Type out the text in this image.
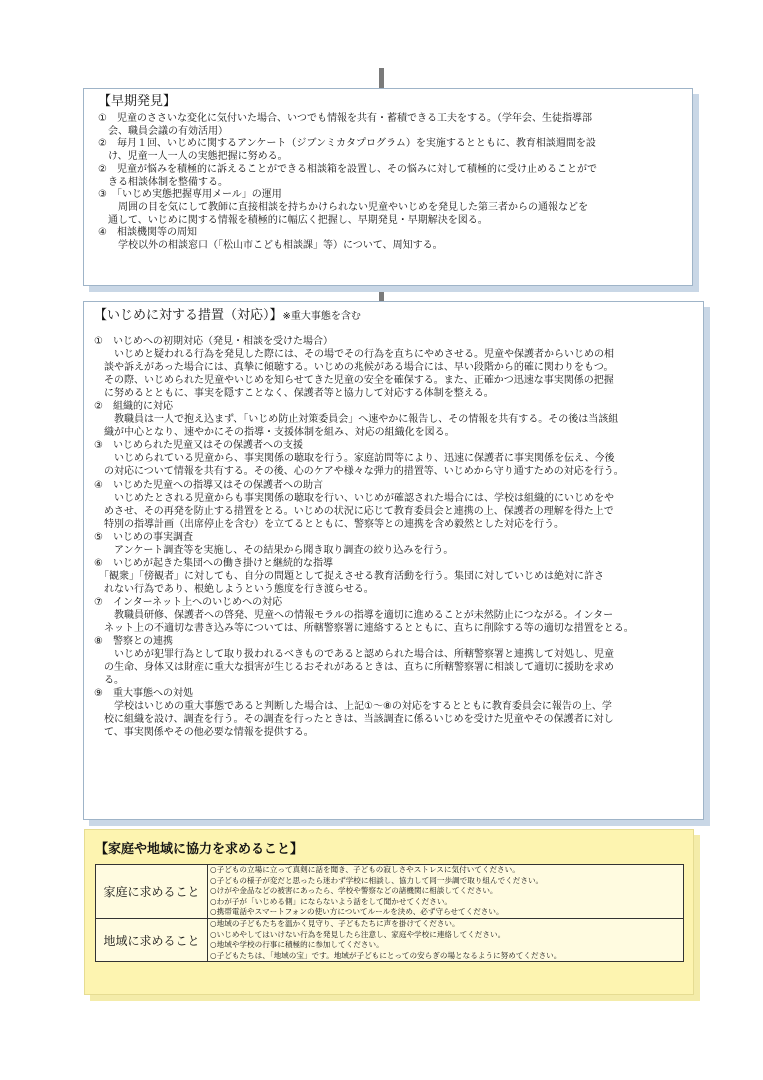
【早期発見】
①　児童のささいな変化に気付いた場合、いつでも情報を共有・蓄積できる工夫をする。（学年会、生徒指導部
　会、職員会議の有効活用）
②　毎月１回、いじめに関するアンケート（ジブンミカタプログラム）を実施するとともに、教育相談週間を設
　け、児童一人一人の実態把握に努める。
②　児童が悩みを積極的に訴えることができる相談箱を設置し、その悩みに対して積極的に受け止めることがで
　きる相談体制を整備する。
③　「いじめ実態把握専用メール」の運用
　　周囲の目を気にして教師に直接相談を持ちかけられない児童やいじめを発見した第三者からの通報などを
　通して、いじめに関する情報を積極的に幅広く把握し、早期発見・早期解決を図る。
④　相談機関等の周知
　　学校以外の相談窓口（「松山市こども相談課」等）について、周知する。
【いじめに対する措置（対応）】※重大事態を含む
①　いじめへの初期対応（発見・相談を受けた場合）
　　いじめと疑われる行為を発見した際には、その場でその行為を直ちにやめさせる。児童や保護者からいじめの相
　談や訴えがあった場合には、真摯に傾聴する。いじめの兆候がある場合には、早い段階から的確に関わりをもつ。
　その際、いじめられた児童やいじめを知らせてきた児童の安全を確保する。また、正確かつ迅速な事実関係の把握
　に努めるとともに、事実を隠すことなく、保護者等と協力して対応する体制を整える。
②　組織的に対応
　　教職員は一人で抱え込まず、「いじめ防止対策委員会」へ速やかに報告し、その情報を共有する。その後は当該組
　織が中心となり、速やかにその指導・支援体制を組み、対応の組織化を図る。
③　いじめられた児童又はその保護者への支援
　　いじめられている児童から、事実関係の聴取を行う。家庭訪問等により、迅速に保護者に事実関係を伝え、今後
　の対応について情報を共有する。その後、心のケアや様々な弾力的措置等、いじめから守り通すための対応を行う。
④　いじめた児童への指導又はその保護者への助言
　　いじめたとされる児童からも事実関係の聴取を行い、いじめが確認された場合には、学校は組織的にいじめをや
　めさせ、その再発を防止する措置をとる。いじめの状況に応じて教育委員会と連携の上、保護者の理解を得た上で
　特別の指導計画（出席停止を含む）を立てるとともに、警察等との連携を含め毅然とした対応を行う。
⑤　いじめの事実調査
　　アンケート調査等を実施し、その結果から聞き取り調査の絞り込みを行う。
⑥　いじめが起きた集団への働き掛けと継続的な指導
　「観衆」「傍観者」に対しても、自分の問題として捉えさせる教育活動を行う。集団に対していじめは絶対に許さ
　れない行為であり、根絶しようという態度を行き渡らせる。
⑦　インターネット上へのいじめへの対応
　　教職員研修、保護者への啓発、児童への情報モラルの指導を適切に進めることが未然防止につながる。インター
　ネット上の不適切な書き込み等については、所轄警察署に連絡するとともに、直ちに削除する等の適切な措置をとる。
⑧　警察との連携
　　いじめが犯罪行為として取り扱われるべきものであると認められた場合は、所轄警察署と連携して対処し、児童
　の生命、身体又は財産に重大な損害が生じるおそれがあるときは、直ちに所轄警察署に相談して適切に援助を求め
　る。
⑨　重大事態への対処
　　学校はいじめの重大事態であると判断した場合は、上記①～⑧の対応をするとともに教育委員会に報告の上、学
　校に組織を設け、調査を行う。その調査を行ったときは、当該調査に係るいじめを受けた児童やその保護者に対し
　て、事実関係やその他必要な情報を提供する。
【家庭や地域に協力を求めること】
家庭に求めること	○子どもの立場に立って真剣に話を聞き、子どもの寂しさやストレスに気付いてください。
○子どもの様子が変だと思ったら迷わず学校に相談し、協力して同一歩調で取り組んでください。
○けがや金品などの被害にあったら、学校や警察などの諸機関に相談してください。
○わが子が「いじめる側」にならないよう話をして聞かせてください。
○携帯電話やスマートフォンの使い方についてルールを決め、必ず守らせてください。

地域に求めること	○地域の子どもたちを温かく見守り、子どもたちに声を掛けてください。
○いじめやしてはいけない行為を発見したら注意し、家庭や学校に連絡してください。
○地域や学校の行事に積極的に参加してください。
○子どもたちは、「地域の宝」です。地域が子どもにとっての安らぎの場となるように努めてください。
